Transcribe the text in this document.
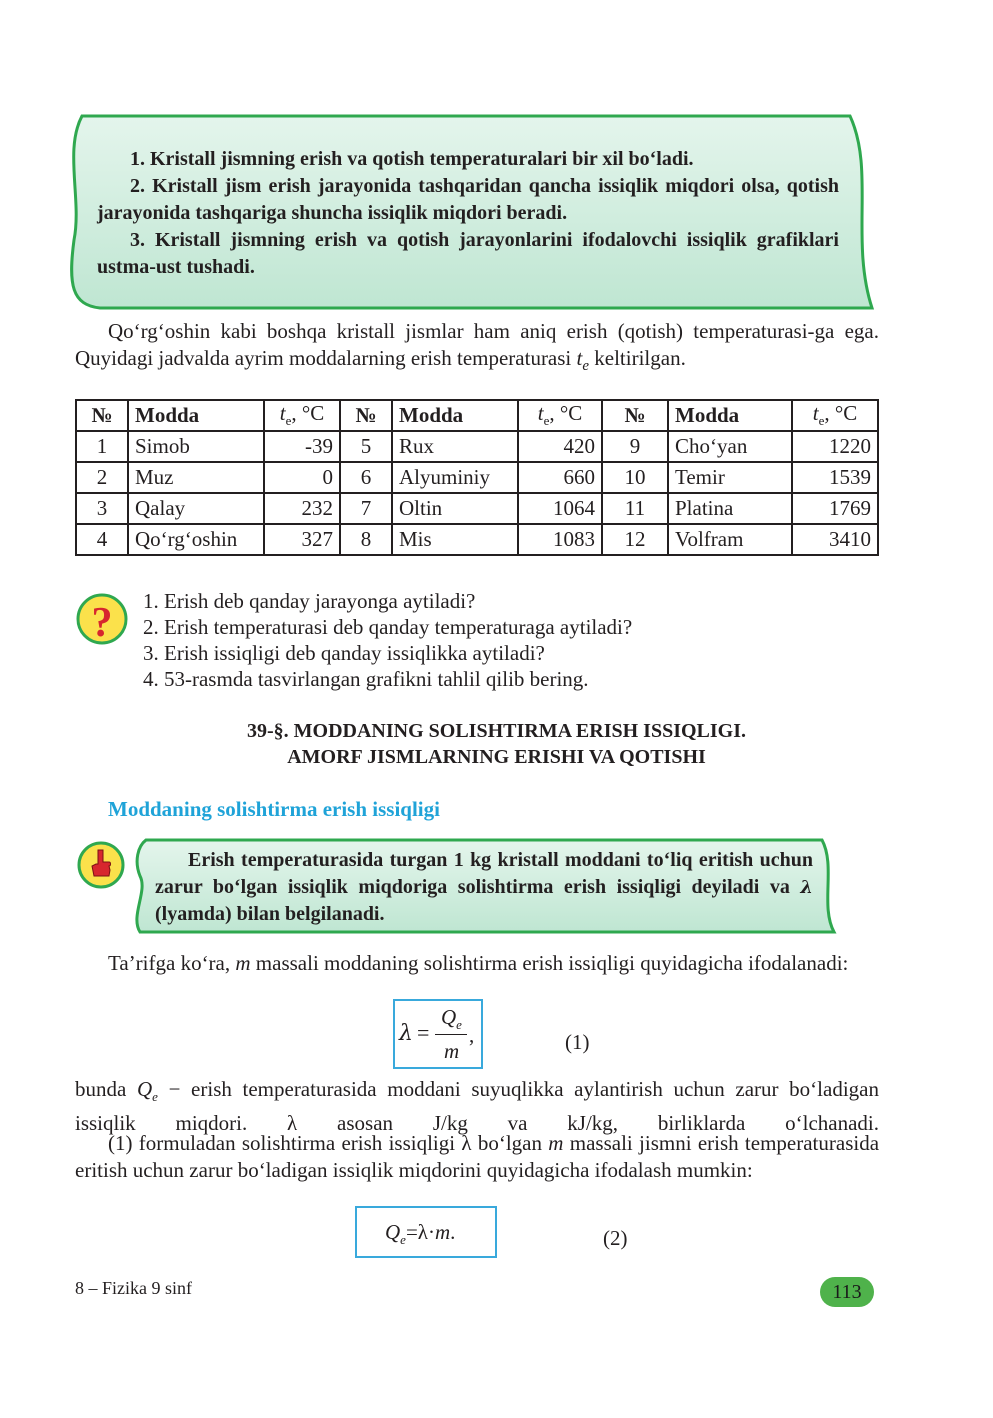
1. Kristall jismning erish va qotish temperaturalari bir xil bo‘ladi.
2. Kristall jism erish jarayonida tashqaridan qancha issiqlik miqdori olsa, qotish jarayonida tashqariga shuncha issiqlik miqdori beradi.
3. Kristall jismning erish va qotish jarayonlarini ifodalovchi issiqlik grafiklari ustma-ust tushadi.
Qo‘rg‘oshin kabi boshqa kristall jismlar ham aniq erish (qotish) temperaturasi-ga ega. Quyidagi jadvalda ayrim moddalarning erish temperaturasi $t_e$ keltirilgan.
№	Modda	$t_e$, °C	№	Modda	$t_e$, °C	№	Modda	$t_e$, °C
1	Simob	-39	5	Rux	420	9	Cho‘yan	1220
2	Muz	0	6	Alyuminiy	660	10	Temir	1539
3	Qalay	232	7	Oltin	1064	11	Platina	1769
4	Qo‘rg‘oshin	327	8	Mis	1083	12	Volfram	3410
? 1. Erish deb qanday jarayonga aytiladi?
2. Erish temperaturasi deb qanday temperaturaga aytiladi?
3. Erish issiqligi deb qanday issiqlikka aytiladi?
4. 53-rasmda tasvirlangan grafikni tahlil qilib bering.
39-§. MODDANING SOLISHTIRMA ERISH ISSIQLIGI.
AMORF JISMLARNING ERISHI VA QOTISHI
Moddaning solishtirma erish issiqligi
Erish temperaturasida turgan 1 kg kristall moddani to‘liq eritish uchun zarur bo‘lgan issiqlik miqdoriga solishtirma erish issiqligi deyiladi va λ (lyamda) bilan belgilanadi.
Ta’rifga ko‘ra, m massali moddaning solishtirma erish issiqligi quyidagicha ifodalanadi:
λ =
$Q_e$
m
,	(1)
bunda $Q_e$ − erish temperaturasida moddani suyuqlikka aylantirish uchun zarur bo‘ladigan issiqlik miqdori. λ asosan J/kg va kJ/kg, birliklarda o‘lchanadi.
(1) formuladan solishtirma erish issiqligi λ bo‘lgan m massali jismni erish temperaturasida eritish uchun zarur bo‘ladigan issiqlik miqdorini quyidagicha ifodalash mumkin:
$Q_e=\lambda\cdot m$.	(2)
8 – Fizika 9 sinf	113
